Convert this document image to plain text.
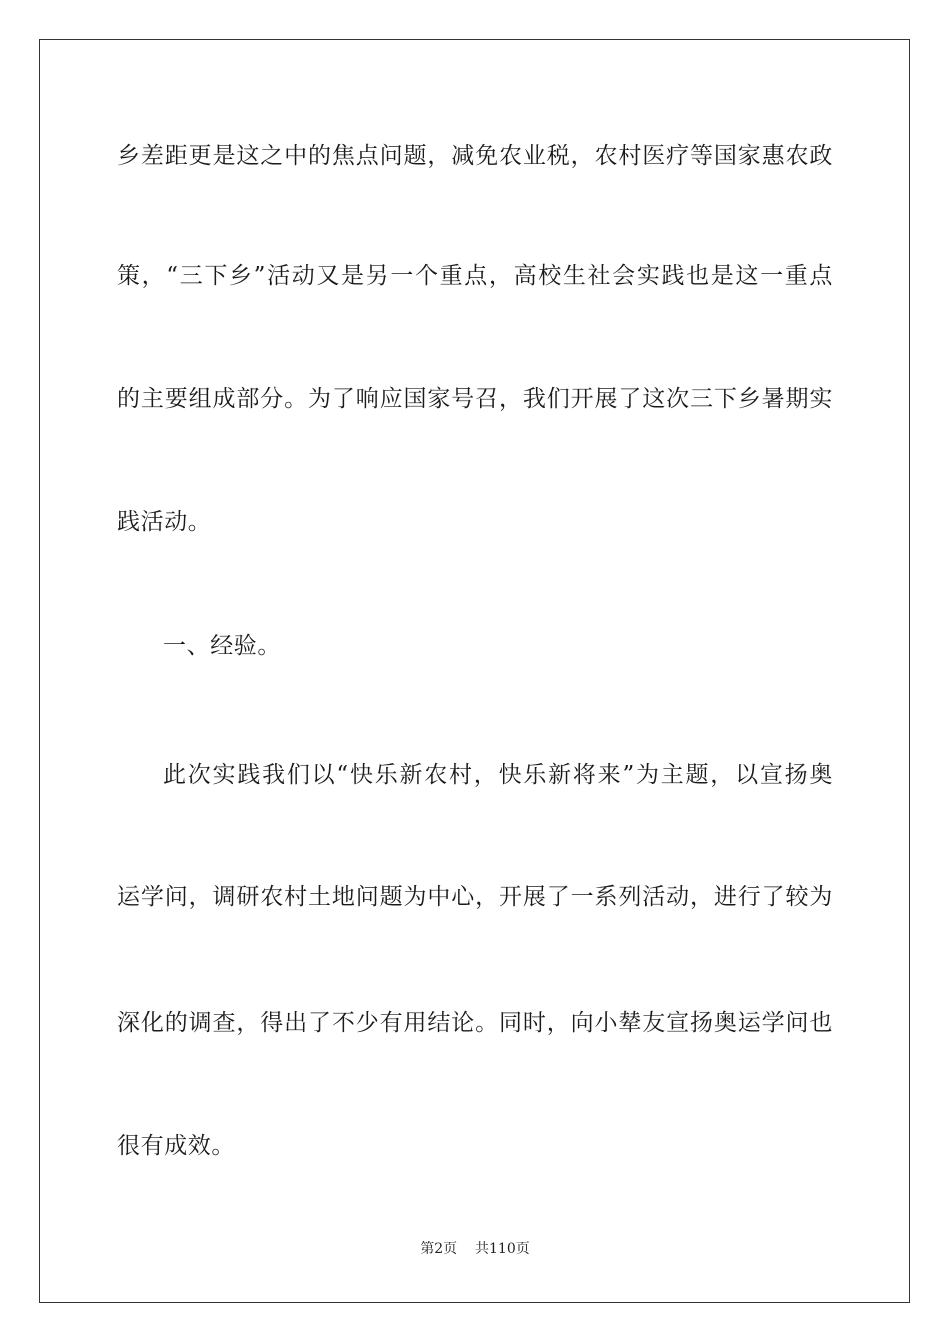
乡差距更是这之中的焦点问题，减免农业税，农村医疗等国家惠农政
策，“三下乡”活动又是另一个重点，高校生社会实践也是这一重点
的主要组成部分。为了响应国家号召，我们开展了这次三下乡暑期实
践活动。
一、经验。
此次实践我们以“快乐新农村，快乐新将来”为主题，以宣扬奥
运学问，调研农村土地问题为中心，开展了一系列活动，进行了较为
深化的调查，得出了不少有用结论。同时，向小辇友宣扬奥运学问也
很有成效。
第2页 共110页
